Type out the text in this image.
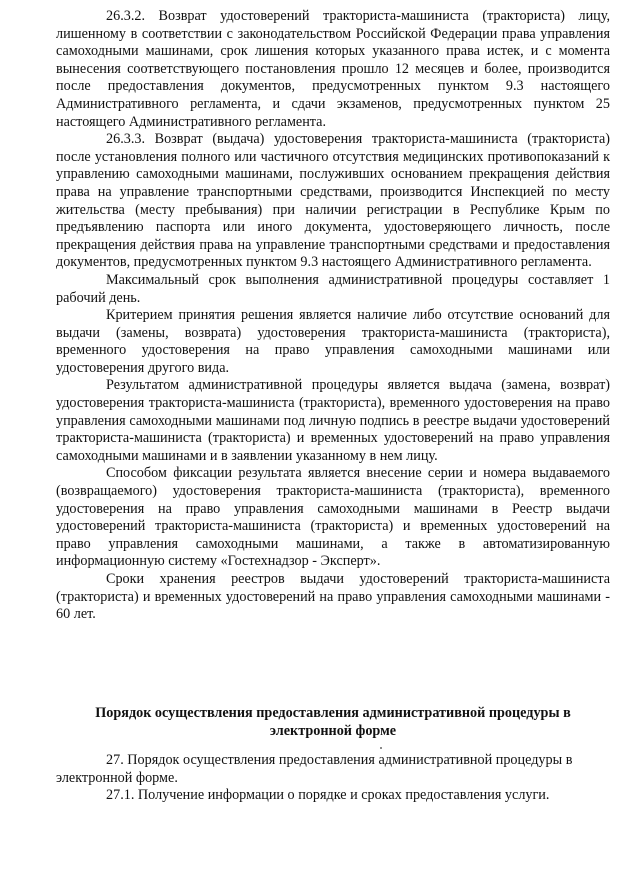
26.3.2. Возврат удостоверений тракториста-машиниста (тракториста) лицу, лишенному в соответствии с законодательством Российской Федерации права управления самоходными машинами, срок лишения которых указанного права истек, и с момента вынесения соответствующего постановления прошло 12 месяцев и более, производится после предоставления документов, предусмотренных пунктом 9.3 настоящего Административного регламента, и сдачи экзаменов, предусмотренных пунктом 25 настоящего Административного регламента.

26.3.3. Возврат (выдача) удостоверения тракториста-машиниста (тракториста) после установления полного или частичного отсутствия медицинских противопоказаний к управлению самоходными машинами, послуживших основанием прекращения действия права на управление транспортными средствами, производится Инспекцией по месту жительства (месту пребывания) при наличии регистрации в Республике Крым по предъявлению паспорта или иного документа, удостоверяющего личность, после прекращения действия права на управление транспортными средствами и предоставления документов, предусмотренных пунктом 9.3 настоящего Административного регламента.

Максимальный срок выполнения административной процедуры составляет 1 рабочий день.

Критерием принятия решения является наличие либо отсутствие оснований для выдачи (замены, возврата) удостоверения тракториста-машиниста (тракториста), временного удостоверения на право управления самоходными машинами или удостоверения другого вида.

Результатом административной процедуры является выдача (замена, возврат) удостоверения тракториста-машиниста (тракториста), временного удостоверения на право управления самоходными машинами под личную подпись в реестре выдачи удостоверений тракториста-машиниста (тракториста) и временных удостоверений на право управления самоходными машинами и в заявлении указанному в нем лицу.

Способом фиксации результата является внесение серии и номера выдаваемого (возвращаемого) удостоверения тракториста-машиниста (тракториста), временного удостоверения на право управления самоходными машинами в Реестр выдачи удостоверений тракториста-машиниста (тракториста) и временных удостоверений на право управления самоходными машинами, а также в автоматизированную информационную систему «Гостехнадзор - Эксперт».

Сроки хранения реестров выдачи удостоверений тракториста-машиниста (тракториста) и временных удостоверений на право управления самоходными машинами - 60 лет.

Порядок осуществления предоставления административной процедуры в электронной форме

27. Порядок осуществления предоставления административной процедуры в электронной форме.

27.1. Получение информации о порядке и сроках предоставления услуги.
